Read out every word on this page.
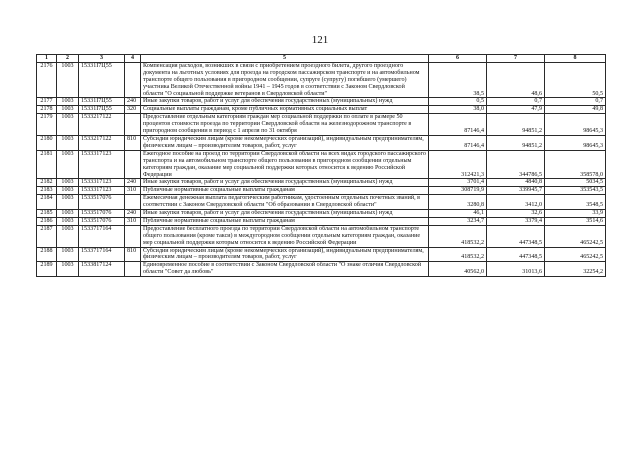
121
1	2	3	4	5	6	7	8
2176	1003	15331I7Ц55		Компенсация расходов, возникших в связи с приобретением проездного билета, другого проездного документа на льготных условиях для проезда на городском пассажирском транспорте и на автомобильном транспорте общего пользования в пригородном сообщении, супруге (супругу) погибшего (умершего) участника Великой Отечественной войны 1941 – 1945 годов в соответствии с Законом Свердловской области "О социальной поддержке ветеранов в Свердловской области"	38,5	48,6	50,5
2177	1003	15331I7Ц55	240	Иные закупки товаров, работ и услуг для обеспечения государственных (муниципальных) нужд	0,5	0,7	0,7
2178	1003	15331I7Ц55	320	Социальные выплаты гражданам, кроме публичных нормативных социальных выплат	38,0	47,9	49,8
2179	1003	1533217122		Предоставление отдельным категориям граждан мер социальной поддержки по оплате в размере 50 процентов стоимости проезда по территории Свердловской области на железнодорожном транспорте в пригородном сообщении в период с 1 апреля по 31 октября	87146,4	94851,2	98645,3
2180	1003	1533217122	810	Субсидии юридическим лицам (кроме некоммерческих организаций), индивидуальным предпринимателям, физическим лицам – производителям товаров, работ, услуг	87146,4	94851,2	98645,3
2181	1003	1533317123		Ежегодное пособие на проезд по территории Свердловской области на всех видах городского пассажирского транспорта и на автомобильном транспорте общего пользования в пригородном сообщении отдельным категориям граждан, оказание мер социальной поддержки которых относится к ведению Российской Федерации	312421,3	344786,5	358578,0
2182	1003	1533317123	240	Иные закупки товаров, работ и услуг для обеспечения государственных (муниципальных) нужд	3701,4	4840,8	5034,5
2183	1003	1533317123	310	Публичные нормативные социальные выплаты гражданам	308719,9	339945,7	353543,5
2184	1003	1533517076		Ежемесячная денежная выплата педагогическим работникам, удостоенным отдельных почетных званий, в соответствии с Законом Свердловской области "Об образовании в Свердловской области"	3280,8	3412,0	3548,5
2185	1003	1533517076	240	Иные закупки товаров, работ и услуг для обеспечения государственных (муниципальных) нужд	46,1	32,6	33,9
2186	1003	1533517076	310	Публичные нормативные социальные выплаты гражданам	3234,7	3379,4	3514,6
2187	1003	1533717164		Предоставление бесплатного проезда по территории Свердловской области на автомобильном транспорте общего пользования (кроме такси) в междугородном сообщении отдельным категориям граждан, оказание мер социальной поддержки которым относится к ведению Российской Федерации	418532,2	447348,5	465242,5
2188	1003	1533717164	810	Субсидии юридическим лицам (кроме некоммерческих организаций), индивидуальным предпринимателям, физическим лицам – производителям товаров, работ, услуг	418532,2	447348,5	465242,5
2189	1003	1533817124		Единовременное пособие в соответствии с Законом Свердловской области "О знаке отличия Свердловской области "Совет да любовь"	40562,0	31013,6	32254,2
